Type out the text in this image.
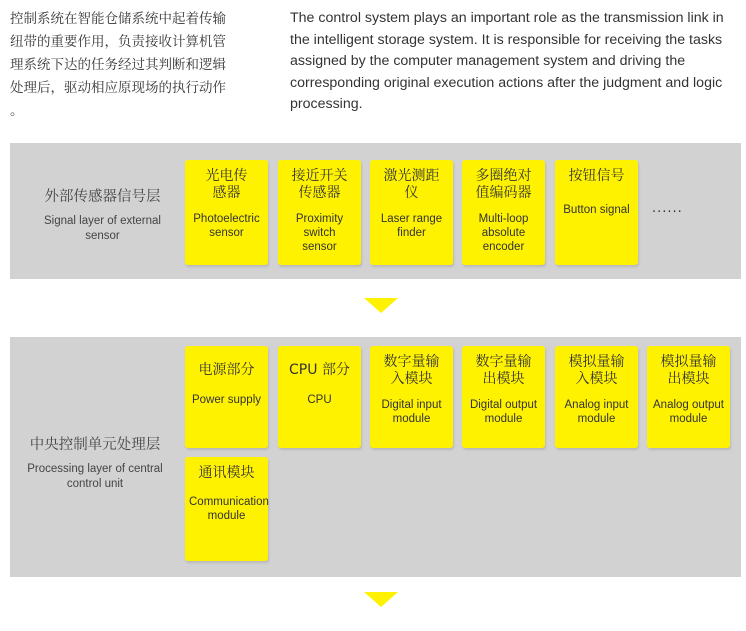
控制系统在智能仓储系统中起着传输
纽带的重要作用，负责接收计算机管
理系统下达的任务经过其判断和逻辑
处理后，驱动相应原现场的执行动作
。
The control system plays an important role as the transmission link in
the intelligent storage system. It is responsible for receiving the tasks
assigned by the computer management system and driving the
corresponding original execution actions after the judgment and logic
processing.
外部传感器信号层
Signal layer of external
sensor
光电传
感器
Photoelectric
sensor
接近开关
传感器
Proximity
switch
sensor
激光测距
仪
Laser range
finder
多圈绝对
值编码器
Multi-loop
absolute
encoder
按钮信号
Button signal	······
中央控制单元处理层
Processing layer of central
control unit
电源部分
Power supply
CPU 部分
CPU
数字量输
入模块
Digital input
module
数字量输
出模块
Digital output
module
模拟量输
入模块
Analog input
module
模拟量输
出模块
Analog output
module
通讯模块
Communication
module
